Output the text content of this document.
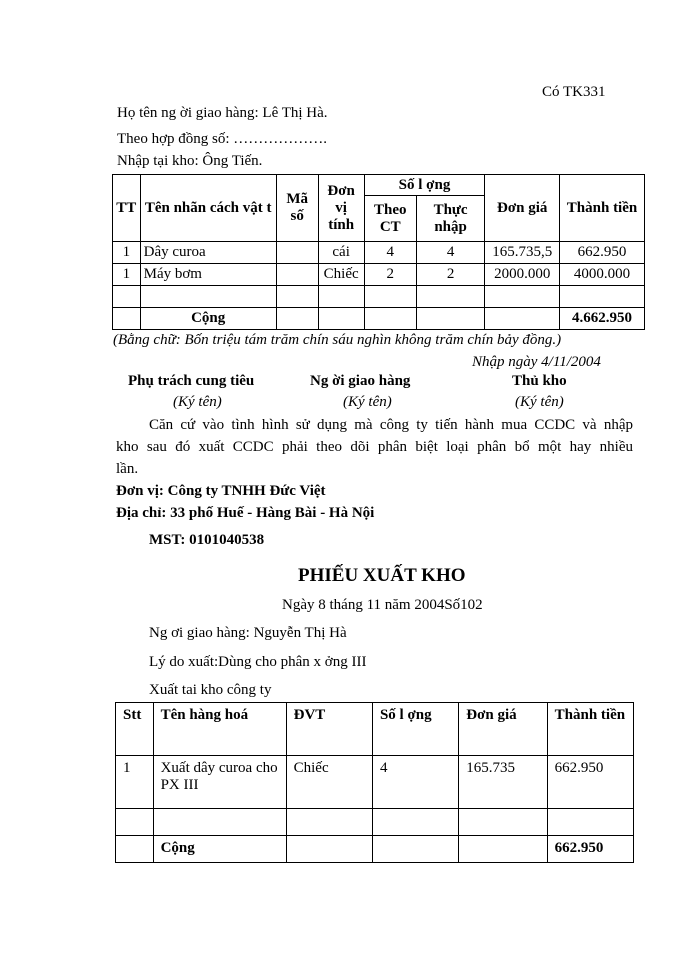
Có TK331
Họ tên ng ời giao hàng: Lê Thị Hà.
Theo hợp đồng số: ……………….
Nhập tại kho: Ông Tiến.
TT	Tên nhãn cách vật t	Mã số	Đơn vị tính	Số l ợng		Đơn giá	Thành tiền
				Theo CT	Thực nhập		
1	Dây curoa		cái	4	4	165.735,5	662.950
1	Máy bơm		Chiếc	2	2	2000.000	4000.000

	Cộng						4.662.950
(Bằng chữ: Bốn triệu tám trăm chín sáu nghìn không trăm chín bảy đồng.)
Nhập ngày 4/11/2004
Phụ trách cung tiêu
(Ký tên)
Ng ời giao hàng
(Ký tên)
Thủ kho
(Ký tên)
Căn cứ vào tình hình sử dụng mà công ty tiến hành mua CCDC và nhập
kho sau đó xuất CCDC phải theo dõi phân biệt loại phân bổ một hay nhiều
lần.
Đơn vị: Công ty TNHH Đức Việt
Địa chỉ: 33 phố Huế - Hàng Bài - Hà Nội
MST: 0101040538
PHIẾU XUẤT KHO
Ngày 8 tháng 11 năm 2004Số102
Ng ơi giao hàng: Nguyễn Thị Hà
Lý do xuất:Dùng cho phân x ởng III
Xuất tai kho công ty
Stt	Tên hàng hoá	ĐVT	Số l ợng	Đơn giá	Thành tiền
1	Xuất dây curoa cho PX III	Chiếc	4	165.735	662.950

	Cộng				662.950
